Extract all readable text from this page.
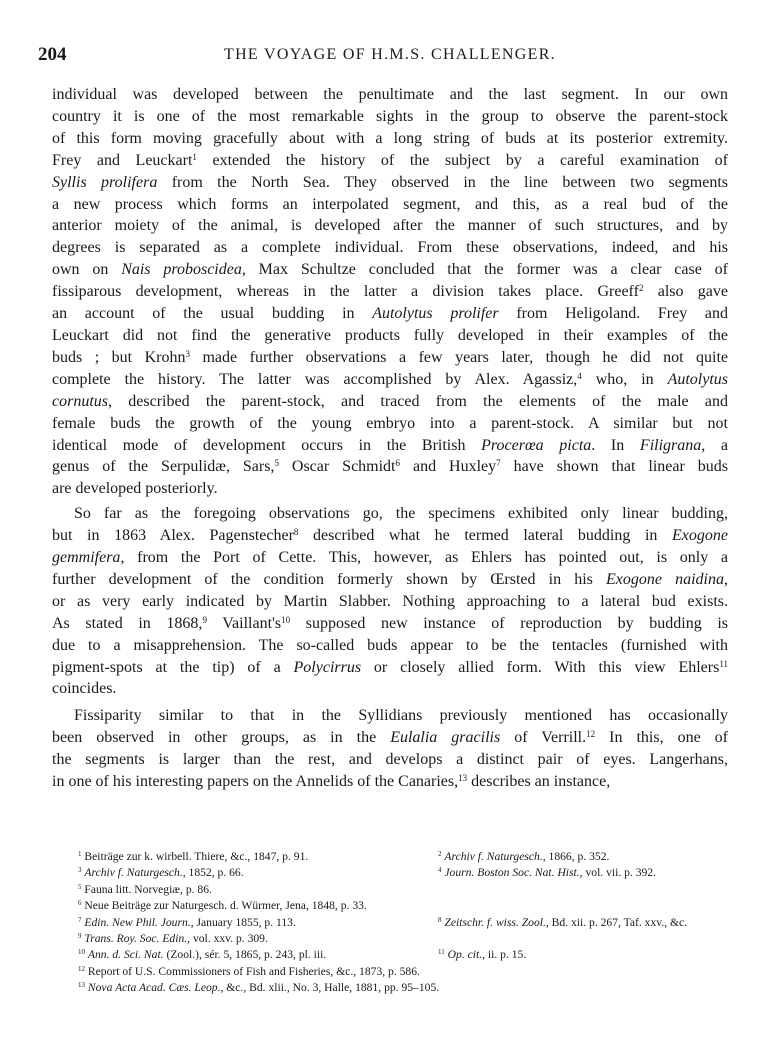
204	THE VOYAGE OF H.M.S. CHALLENGER.
individual was developed between the penultimate and the last segment. In our own
country it is one of the most remarkable sights in the group to observe the parent-stock
of this form moving gracefully about with a long string of buds at its posterior extremity.
Frey and Leuckart$^1$ extended the history of the subject by a careful examination of
Syllis prolifera from the North Sea. They observed in the line between two segments
a new process which forms an interpolated segment, and this, as a real bud of the
anterior moiety of the animal, is developed after the manner of such structures, and by
degrees is separated as a complete individual. From these observations, indeed, and his
own on Nais proboscidea, Max Schultze concluded that the former was a clear case of
fissiparous development, whereas in the latter a division takes place. Greeff$^2$ also gave
an account of the usual budding in Autolytus prolifer from Heligoland. Frey and
Leuckart did not find the generative products fully developed in their examples of the
buds ; but Krohn$^3$ made further observations a few years later, though he did not quite
complete the history. The latter was accomplished by Alex. Agassiz,$^4$ who, in Autolytus
cornutus, described the parent-stock, and traced from the elements of the male and
female buds the growth of the young embryo into a parent-stock. A similar but not
identical mode of development occurs in the British Procerœa picta. In Filigrana, a
genus of the Serpulidæ, Sars,$^5$ Oscar Schmidt$^6$ and Huxley$^7$ have shown that linear buds
are developed posteriorly.
So far as the foregoing observations go, the specimens exhibited only linear budding,
but in 1863 Alex. Pagenstecher$^8$ described what he termed lateral budding in Exogone
gemmifera, from the Port of Cette. This, however, as Ehlers has pointed out, is only a
further development of the condition formerly shown by Œrsted in his Exogone naidina,
or as very early indicated by Martin Slabber. Nothing approaching to a lateral bud exists.
As stated in 1868,$^9$ $Vaillant's^{10}$ supposed new instance of reproduction by budding is
due to a misapprehension. The so-called buds appear to be the tentacles (furnished with
pigment-spots at the tip) of a Polycirrus or closely allied form. With this view Ehlers$^{11}$
coincides.
Fissiparity similar to that in the Syllidians previously mentioned has occasionally
been observed in other groups, as in the Eulalia gracilis of Verrill.$^{12}$ In this, one of
the segments is larger than the rest, and develops a distinct pair of eyes. Langerhans,
in one of his interesting papers on the Annelids of the Canaries,$^{13}$ describes an instance,
$^1$ Beiträge zur k. wirbell. Thiere, &c., 1847, p. 91.	$^2$ Archiv f. Naturgesch., 1866, p. 352.
$^3$ Archiv f. Naturgesch., 1852, p. 66.	$^4$ Journ. Boston Soc. Nat. Hist., vol. vii. p. 392.
$^5$ Fauna litt. Norvegiæ, p. 86.
$^6$ Neue Beiträge zur Naturgesch. d. Würmer, Jena, 1848, p. 33.
$^7$ Edin. New Phil. Journ., January 1855, p. 113.	$^8$ Zeitschr. f. wiss. Zool., Bd. xii. p. 267, Taf. xxv., &c.
$^9$ Trans. Roy. Soc. Edin., vol. xxv. p. 309.
$^{10}$ Ann. d. Sci. Nat. (Zool.), sér. 5, 1865, p. 243, pl. iii.	$^{11}$ Op. cit., ii. p. 15.
$^{12}$ Report of U.S. Commissioners of Fish and Fisheries, &c., 1873, p. 586.
$^{13}$ Nova Acta Acad. Cæs. Leop., &c., Bd. xlii., No. 3, Halle, 1881, pp. 95–105.
